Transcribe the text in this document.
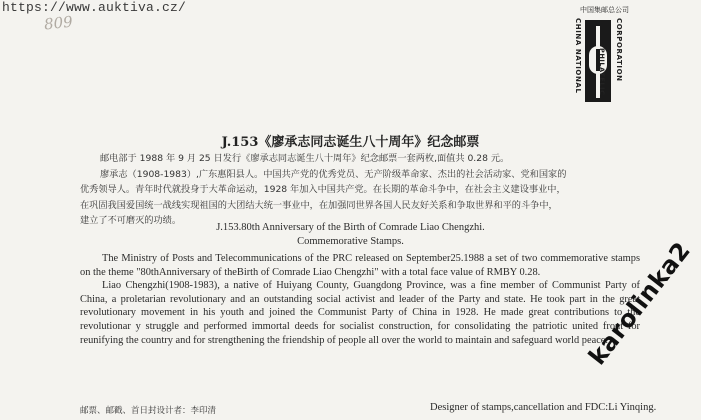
https://www.auktiva.cz/
809
中国集邮总公司
CHINA NATIONAL	CORPORATION
PHILATELIC
J.153《廖承志同志诞生八十周年》纪念邮票
邮电部于 1988 年 9 月 25 日发行《廖承志同志诞生八十周年》纪念邮票一套两枚,面值共 0.28 元。
廖承志（1908-1983）,广东惠阳县人。中国共产党的优秀党员、无产阶级革命家、杰出的社会活动家、党和国家的
优秀领导人。青年时代就投身于大革命运动，1928 年加入中国共产党。在长期的革命斗争中，在社会主义建设事业中，
在巩固我国爱国统一战线实现祖国的大团结大统一事业中，在加强同世界各国人民友好关系和争取世界和平的斗争中，
建立了不可磨灭的功绩。
J.153.80th Anniversary of the Birth of Comrade Liao Chengzhi.
Commemorative Stamps.

The Ministry of Posts and Telecommunications of the PRC released on September25.1988 a set of two commemorative stamps on the theme "80thAnniversary of theBirth of Comrade Liao Chengzhi" with a total face value of RMBY 0.28.

Liao Chengzhi(1908-1983), a native of Huiyang County, Guangdong Province, was a fine member of Communist Party of China, a proletarian revolutionary and an outstanding social activist and leader of the Party and state. He took part in the great revolutionary movement in his youth and joined the Communist Party of China in 1928. He made great contributions to the revolutionar y struggle and performed immortal deeds for socialist construction, for consolidating the patriotic united front for reunifying the country and for strengthening the friendship of people all over the world to maintain and safeguard world peace.

邮票、邮戳、首日封设计者：李印清	Designer of stamps,cancellation and FDC:Li Yinqing.
karolinka2
